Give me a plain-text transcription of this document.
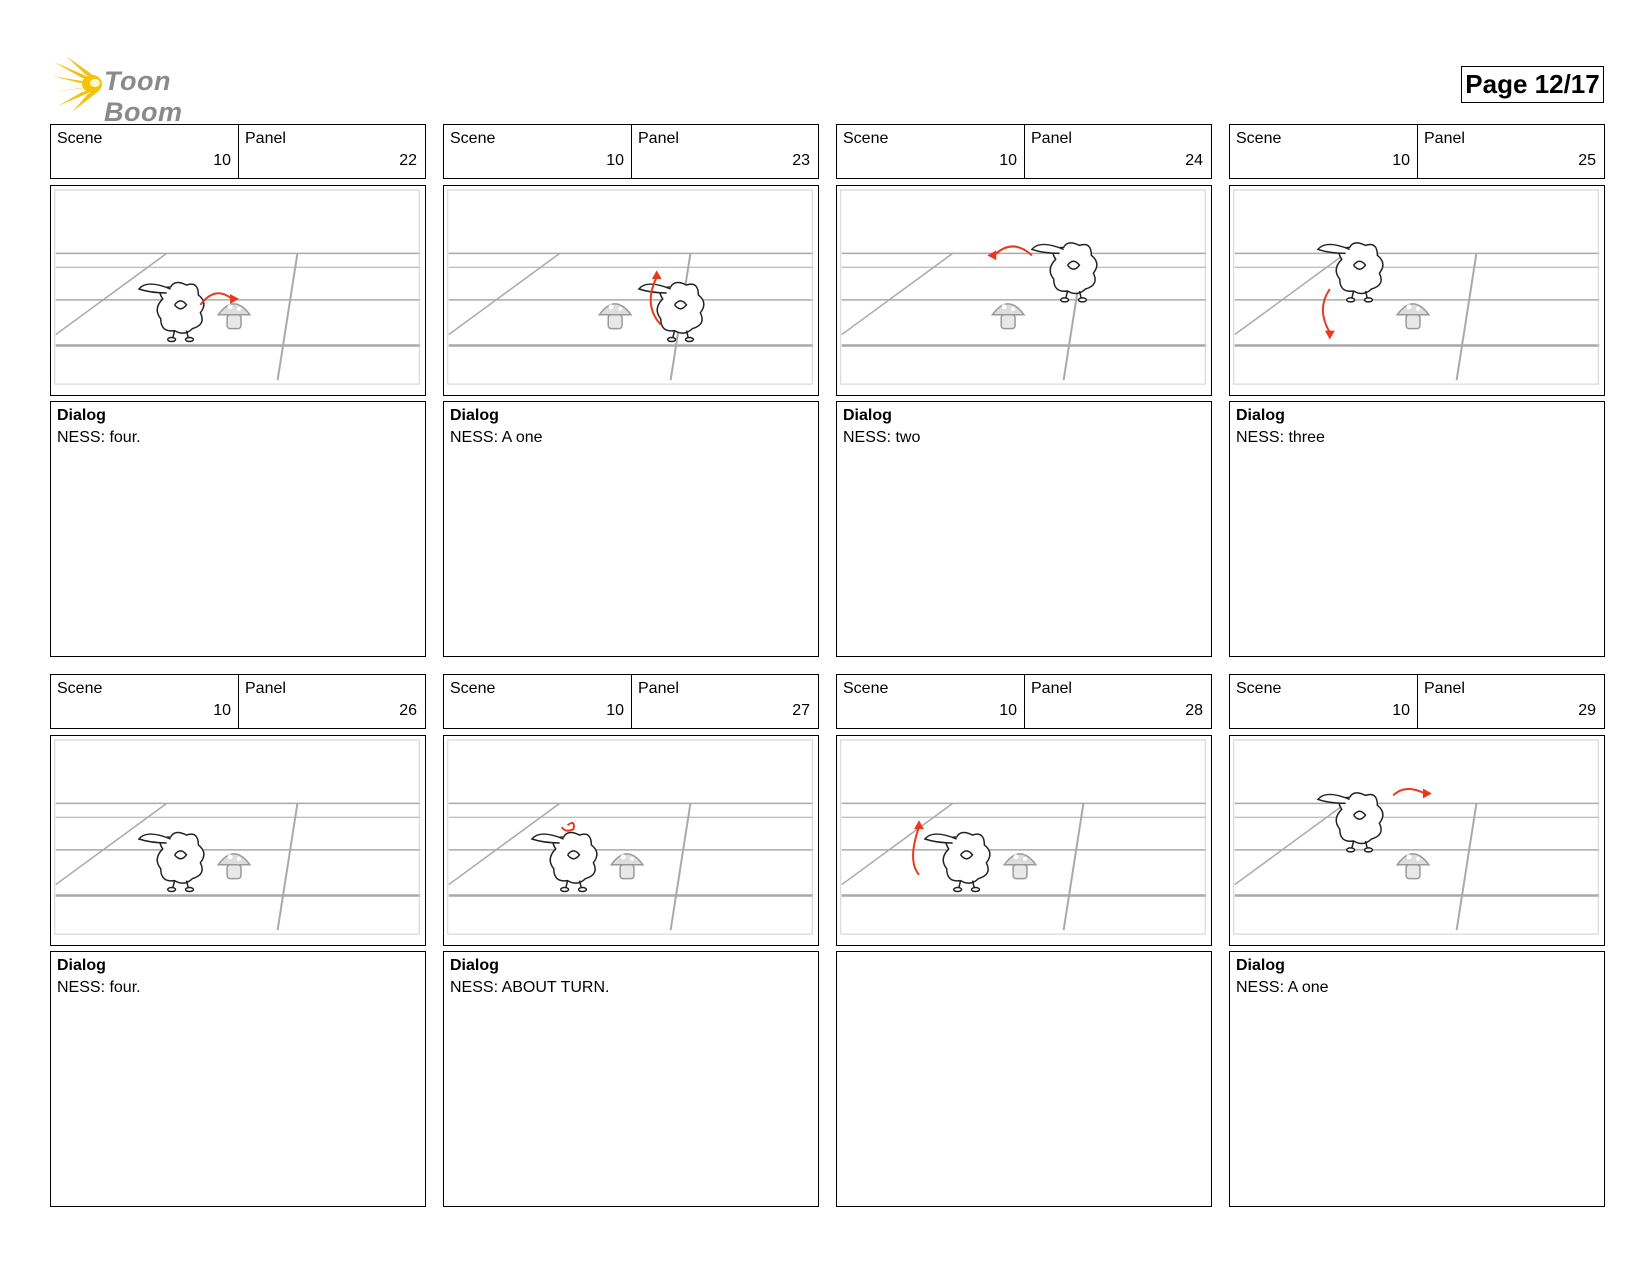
Toon Boom
Page 12/17
Scene
10
Panel
22
Dialog
NESS: four.
Scene
10
Panel
23
Dialog
NESS: A one
Scene
10
Panel
24
Dialog
NESS: two
Scene
10
Panel
25
Dialog
NESS: three
Scene
10
Panel
26
Dialog
NESS: four.
Scene
10
Panel
27
Dialog
NESS: ABOUT TURN.
Scene
10
Panel
28
Scene
10
Panel
29
Dialog
NESS: A one
